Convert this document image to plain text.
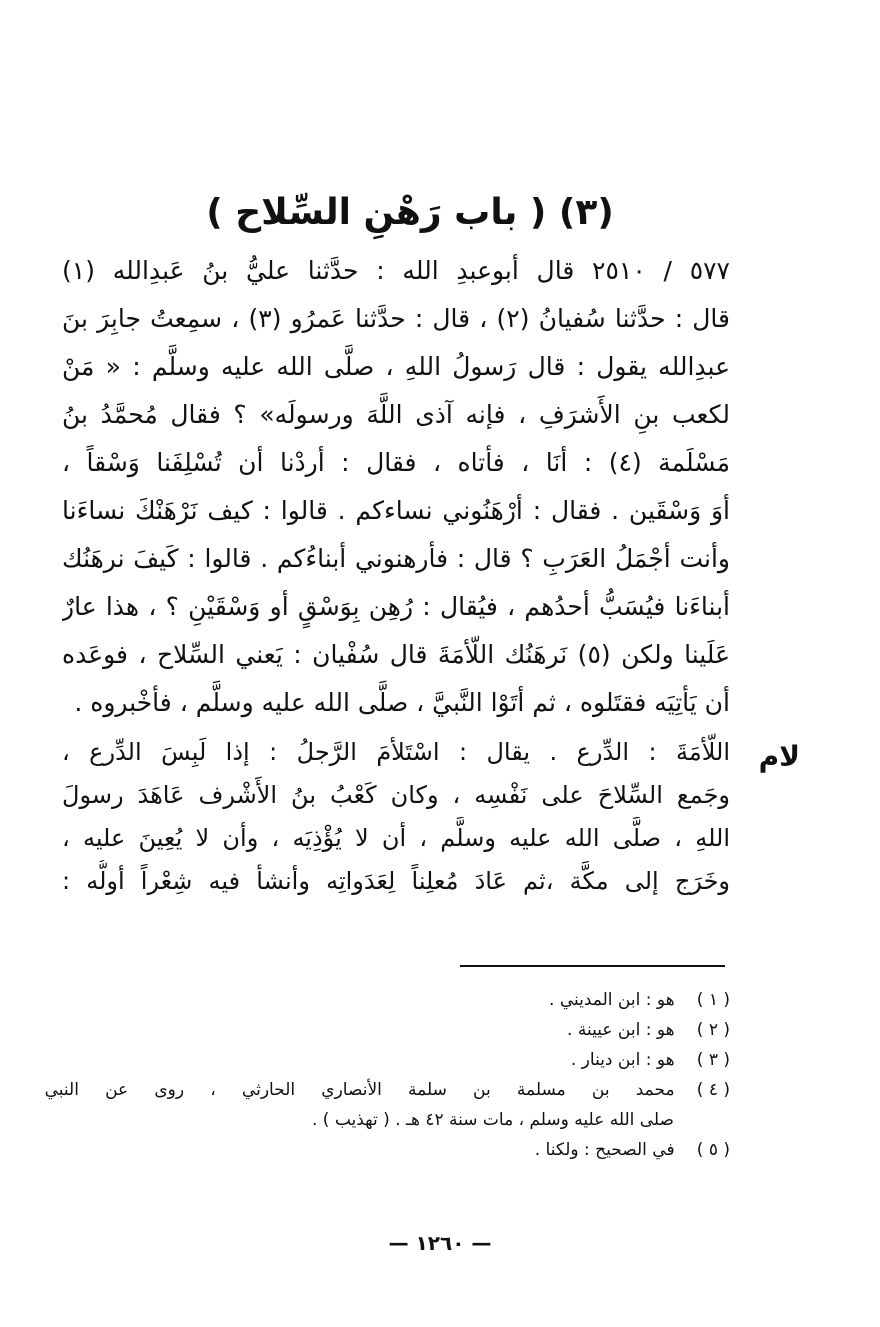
(٣) ( باب رَهْنِ السِّلاح )
٥٧٧ / ٢٥١٠ قال أبوعبدِ الله : حدَّثنا عليُّ بنُ عَبدِالله (١)
قال : حدَّثنا سُفيانُ (٢) ، قال : حدَّثنا عَمرُو (٣) ، سمِعتُ جابِرَ بنَ
عبدِالله يقول : قال رَسولُ اللهِ ، صلَّى الله عليه وسلَّم : « مَنْ
لكعب بنِ الأَشرَفِ ، فإنه آذى اللَّهَ ورسولَه» ؟ فقال مُحمَّدُ بنُ
مَسْلَمة (٤) : أنَا ، فأتاه ، فقال : أردْنا أن تُسْلِفَنا وَسْقاً ،
أوَ وَسْقَين . فقال : أرْهَنُوني نساءكم . قالوا : كيف نَرْهَنْكَ نساءَنا
وأنت أجْمَلُ العَرَبِ ؟ قال : فأرهنوني أبناءُكم . قالوا : كَيفَ نرهَنُك
أبناءَنا فيُسَبُّ أحدُهم ، فيُقال : رُهِن بِوَسْقٍ أو وَسْقَيْنِ ؟ ، هذا عارٌ
عَلَينا ولكن (٥) نَرهَنُك اللّأمَةَ قال سُفْيان : يَعني السِّلاح ، فوعَده
أن يَأتِيَه فقتَلوه ، ثم أتَوْا النَّبيَّ ، صلَّى الله عليه وسلَّم ، فأخْبروه .
لام
اللّأمَةَ : الدِّرع . يقال : اسْتَلأمَ الرَّجلُ : إذا لَبِسَ الدِّرع ،
وجَمع السِّلاحَ على نَفْسِه ، وكان كَعْبُ بنُ الأَشْرف عَاهَدَ رسولَ
اللهِ ، صلَّى الله عليه وسلَّم ، أن لا يُؤْذِيَه ، وأن لا يُعِينَ عليه ،
وخَرَج إلى مكَّة ،ثم عَادَ مُعلِناً لِعَدَواتِه وأنشأ فيه شِعْراً أولُّه :
( ١ ) هو : ابن المديني .
( ٢ ) هو : ابن عيينة .
( ٣ ) هو : ابن دينار .
( ٤ ) محمد بن مسلمة بن سلمة الأنصاري الحارثي ، روى عن النبي
صلى الله عليه وسلم ، مات سنة ٤٢ هـ . ( تهذيب ) .
( ٥ ) في الصحيح : ولكنا .
— ١٢٦٠ —
